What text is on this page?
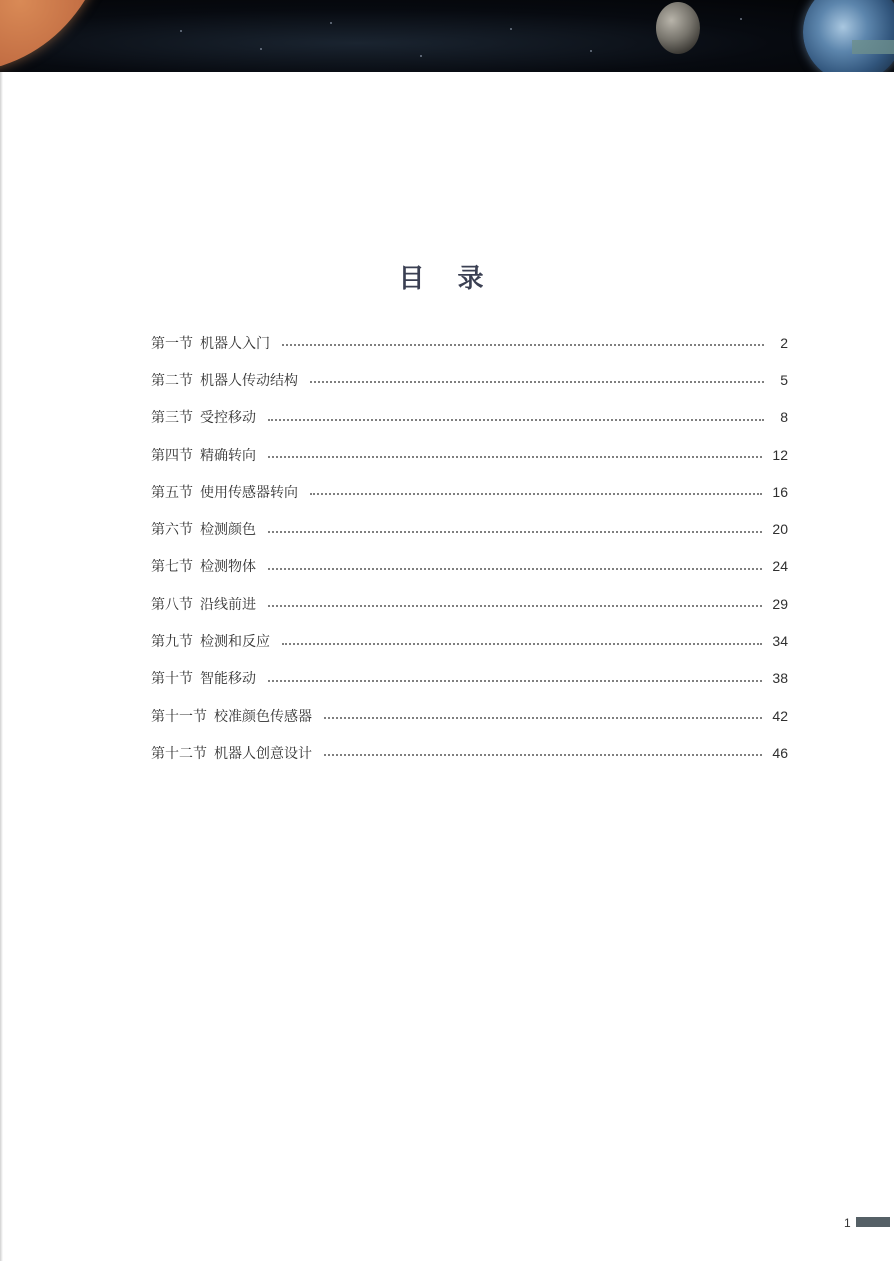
目 录
第一节 机器人入门	2
第二节 机器人传动结构	5
第三节 受控移动	8
第四节 精确转向	12
第五节 使用传感器转向	16
第六节 检测颜色	20
第七节 检测物体	24
第八节 沿线前进	29
第九节 检测和反应	34
第十节 智能移动	38
第十一节 校准颜色传感器	42
第十二节 机器人创意设计	46
1
